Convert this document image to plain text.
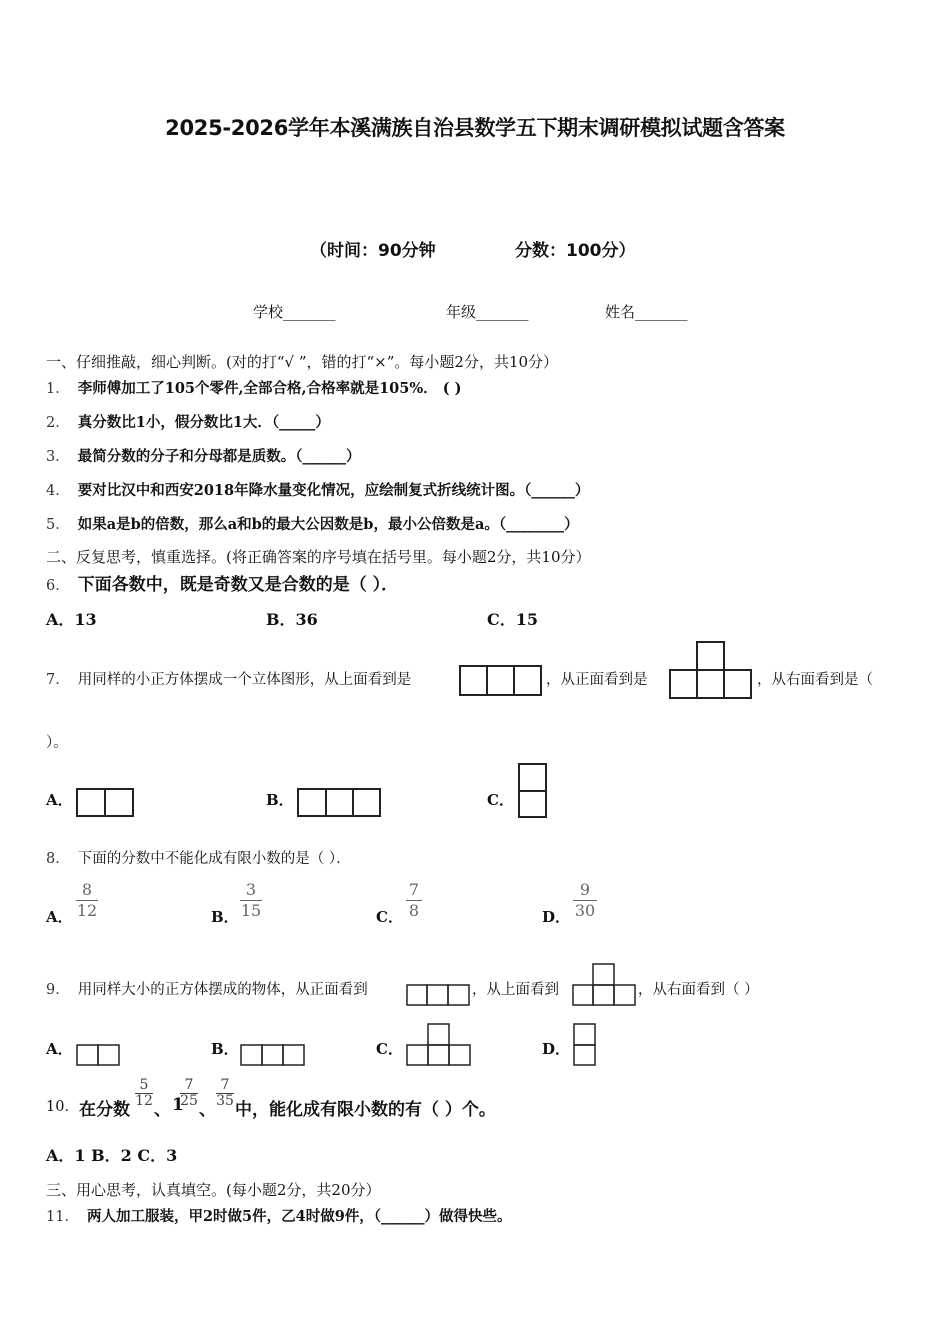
2025-2026学年本溪满族自治县数学五下期末调研模拟试题含答案
（时间：90分钟	分数：100分）
学校_______	年级_______	姓名_______
一、仔细推敲，细心判断。(对的打“√ ”，错的打“×”。每小题2分，共10分）
1． 李师傅加工了105个零件,全部合格,合格率就是105%． ( )
2． 真分数比1小，假分数比1大．（_____）
3． 最简分数的分子和分母都是质数。（______）
4． 要对比汉中和西安2018年降水量变化情况，应绘制复式折线统计图。（______）
5． 如果a是b的倍数，那么a和b的最大公因数是b，最小公倍数是a。（________）
二、反复思考，慎重选择。(将正确答案的序号填在括号里。每小题2分，共10分）
6． 下面各数中，既是奇数又是合数的是（ ）．
A．13	B．36	C．15
7． 用同样的小正方体摆成一个立体图形，从上面看到是	，从正面看到是	，从右面看到是（
）。
A．	B．	C．
8． 下面的分数中不能化成有限小数的是（ ）．
A．
8
12	B．
3
15	C．
7
8	D．
9
30
9． 用同样大小的正方体摆成的物体，从正面看到	，从上面看到	，从右面看到（ ）
A．	B．	C．	D．
10． 在分数
5
12 、 1
7
25 、
7
35 中，能化成有限小数的有（ ）个。
A．1 B．2 C．3
三、用心思考，认真填空。(每小题2分，共20分）
11． 两人加工服装，甲2时做5件，乙4时做9件，（______）做得快些。
